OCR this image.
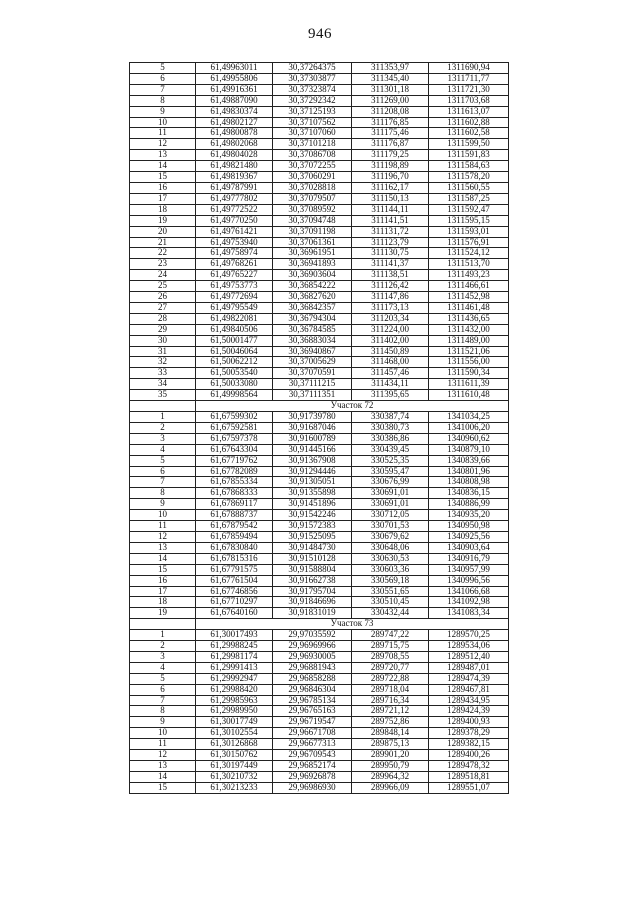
946
5	61,49963011	30,37264375	311353,97	1311690,94
6	61,49955806	30,37303877	311345,40	1311711,77
7	61,49916361	30,37323874	311301,18	1311721,30
8	61,49887090	30,37292342	311269,00	1311703,68
9	61,49830374	30,37125193	311208,08	1311613,07
10	61,49802127	30,37107562	311176,85	1311602,88
11	61,49800878	30,37107060	311175,46	1311602,58
12	61,49802068	30,37101218	311176,87	1311599,50
13	61,49804028	30,37086708	311179,25	1311591,83
14	61,49821480	30,37072255	311198,89	1311584,63
15	61,49819367	30,37060291	311196,70	1311578,20
16	61,49787991	30,37028818	311162,17	1311560,55
17	61,49777802	30,37079507	311150,13	1311587,25
18	61,49772522	30,37089592	311144,11	1311592,47
19	61,49770250	30,37094748	311141,51	1311595,15
20	61,49761421	30,37091198	311131,72	1311593,01
21	61,49753940	30,37061361	311123,79	1311576,91
22	61,49758974	30,36961951	311130,75	1311524,12
23	61,49768261	30,36941893	311141,37	1311513,70
24	61,49765227	30,36903604	311138,51	1311493,23
25	61,49753773	30,36854222	311126,42	1311466,61
26	61,49772694	30,36827620	311147,86	1311452,98
27	61,49795549	30,36842357	311173,13	1311461,48
28	61,49822081	30,36794304	311203,34	1311436,65
29	61,49840506	30,36784585	311224,00	1311432,00
30	61,50001477	30,36883034	311402,00	1311489,00
31	61,50046064	30,36940867	311450,89	1311521,06
32	61,50062212	30,37005629	311468,00	1311556,00
33	61,50053540	30,37070591	311457,46	1311590,34
34	61,50033080	30,37111215	311434,11	1311611,39
35	61,49998564	30,37111351	311395,65	1311610,48
	Участок 72			
1	61,67599302	30,91739780	330387,74	1341034,25
2	61,67592581	30,91687046	330380,73	1341006,20
3	61,67597378	30,91600789	330386,86	1340960,62
4	61,67643304	30,91445166	330439,45	1340879,10
5	61,67719762	30,91367908	330525,35	1340839,66
6	61,67782089	30,91294446	330595,47	1340801,96
7	61,67855334	30,91305051	330676,99	1340808,98
8	61,67868333	30,91355898	330691,01	1340836,15
9	61,67869117	30,91451896	330691,01	1340886,99
10	61,67888737	30,91542246	330712,05	1340935,20
11	61,67879542	30,91572383	330701,53	1340950,98
12	61,67859494	30,91525095	330679,62	1340925,56
13	61,67830840	30,91484730	330648,06	1340903,64
14	61,67815316	30,91510128	330630,53	1340916,79
15	61,67791575	30,91588804	330603,36	1340957,99
16	61,67761504	30,91662738	330569,18	1340996,56
17	61,67746856	30,91795704	330551,65	1341066,68
18	61,67710297	30,91846696	330510,45	1341092,98
19	61,67640160	30,91831019	330432,44	1341083,34
	Участок 73			
1	61,30017493	29,97035592	289747,22	1289570,25
2	61,29988245	29,96969966	289715,75	1289534,06
3	61,29981174	29,96930005	289708,55	1289512,40
4	61,29991413	29,96881943	289720,77	1289487,01
5	61,29992947	29,96858288	289722,88	1289474,39
6	61,29988420	29,96846304	289718,04	1289467,81
7	61,29985963	29,96785134	289716,34	1289434,95
8	61,29989950	29,96765163	289721,12	1289424,39
9	61,30017749	29,96719547	289752,86	1289400,93
10	61,30102554	29,96671708	289848,14	1289378,29
11	61,30126868	29,96677313	289875,13	1289382,15
12	61,30150762	29,96709543	289901,20	1289400,26
13	61,30197449	29,96852174	289950,79	1289478,32
14	61,30210732	29,96926878	289964,32	1289518,81
15	61,30213233	29,96986930	289966,09	1289551,07
